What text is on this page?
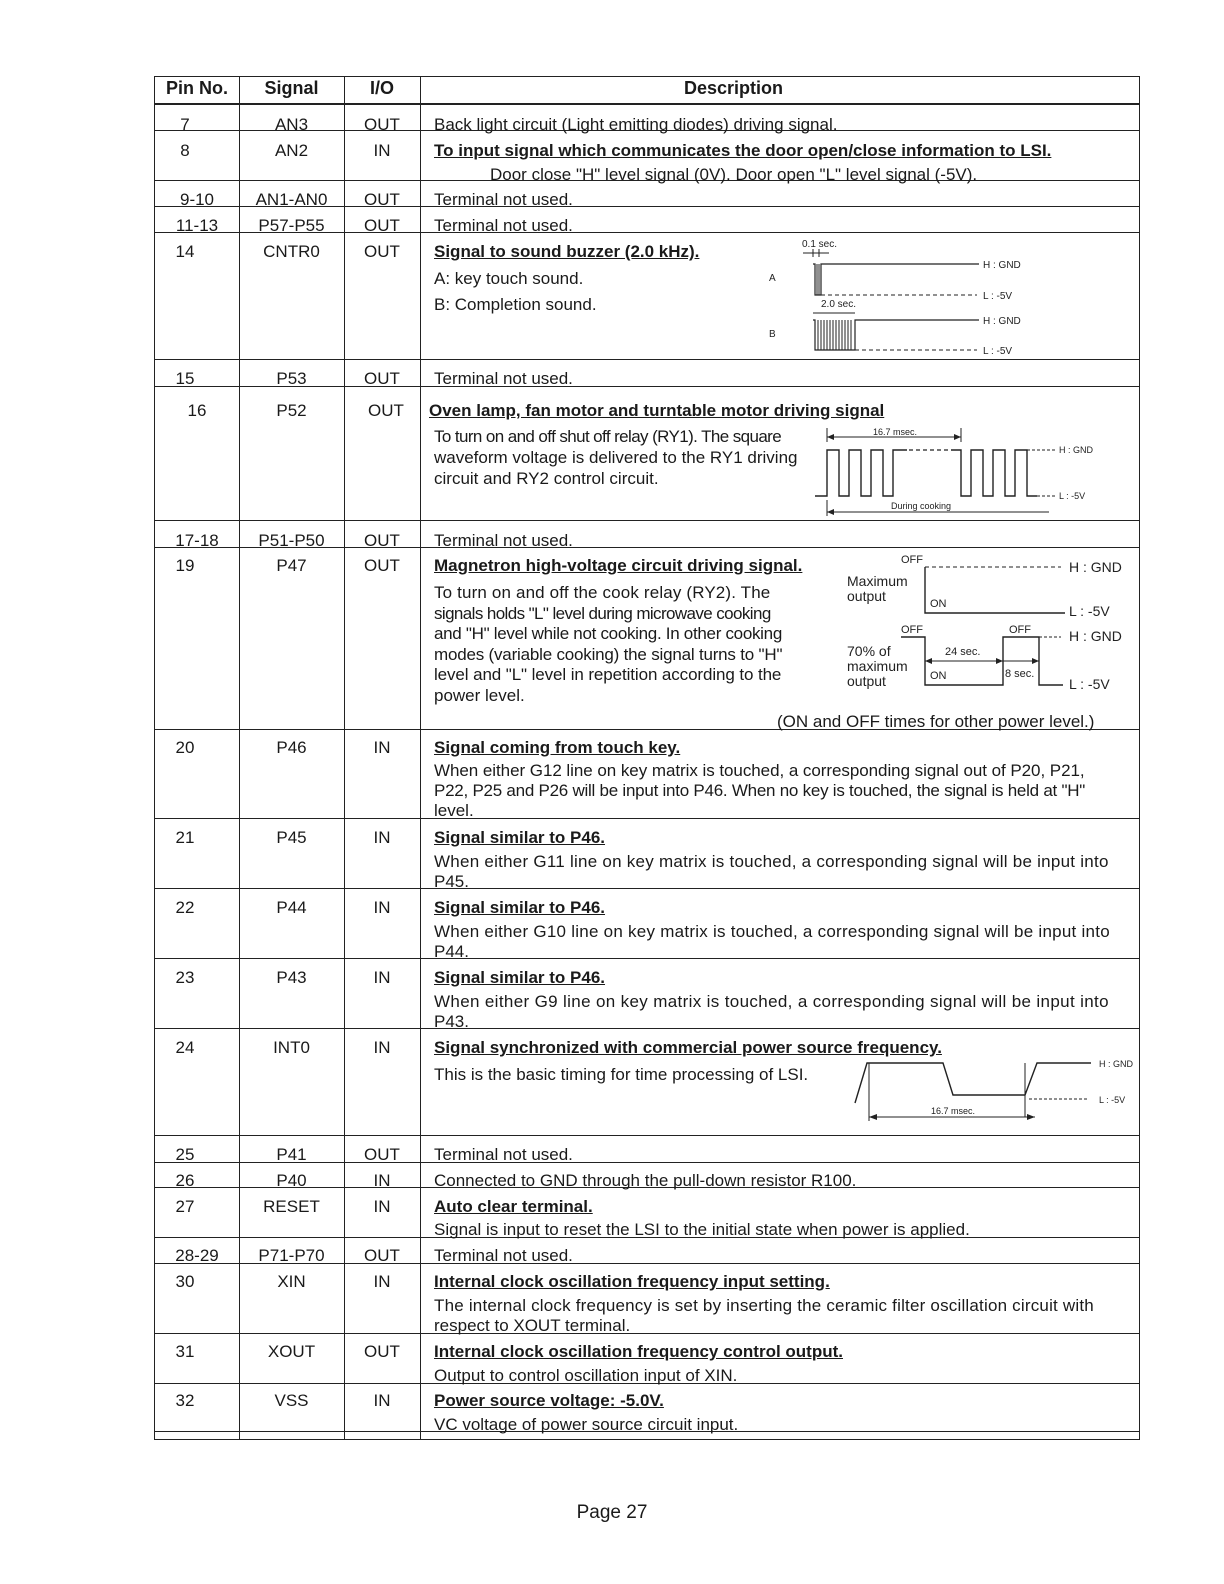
Pin No.	Signal	I/O	Description
7	AN3	OUT	Back light circuit (Light emitting diodes) driving signal.
8	AN2	IN	To input signal which communicates the door open/close information to LSI.
Door close "H" level signal (0V). Door open "L" level signal (-5V).
9-10	AN1-AN0	OUT	Terminal not used.
11-13	P57-P55	OUT	Terminal not used.
14	CNTR0	OUT	Signal to sound buzzer (2.0 kHz).
A: key touch sound.
B: Completion sound.
0.1 sec.
A
H : GND
L : -5V
2.0 sec.
B
H : GND
L : -5V
15	P53	OUT	Terminal not used.
16	P52	OUT	Oven lamp, fan motor and turntable motor driving signal
To turn on and off shut off relay (RY1). The square
waveform voltage is delivered to the RY1 driving
circuit and RY2 control circuit.
16.7 msec.
H : GND
L : -5V
During cooking
17-18	P51-P50	OUT	Terminal not used.
19	P47	OUT	Magnetron high-voltage circuit driving signal.
To turn on and off the cook relay (RY2). The
signals holds "L" level during microwave cooking
and "H" level while not cooking. In other cooking
modes (variable cooking) the signal turns to "H"
level and "L" level in repetition according to the
power level.
(ON and OFF times for other power level.)
OFF
Maximum
output	ON
H : GND
L : -5V
OFF	OFF
70% of
maximum
output
24 sec.
8 sec.
ON
H : GND
L : -5V
20	P46	IN	Signal coming from touch key.
When either G12 line on key matrix is touched, a corresponding signal out of P20, P21,
P22, P25 and P26 will be input into P46. When no key is touched, the signal is held at "H"
level.
21	P45	IN	Signal similar to P46.
When either G11 line on key matrix is touched, a corresponding signal will be input into
P45.
22	P44	IN	Signal similar to P46.
When either G10 line on key matrix is touched, a corresponding signal will be input into
P44.
23	P43	IN	Signal similar to P46.
When either G9 line on key matrix is touched, a corresponding signal will be input into
P43.
24	INT0	IN	Signal synchronized with commercial power source frequency.
This is the basic timing for time processing of LSI.
H : GND
L : -5V
16.7 msec.
25	P41	OUT	Terminal not used.
26	P40	IN	Connected to GND through the pull-down resistor R100.
27	RESET	IN	Auto clear terminal.
Signal is input to reset the LSI to the initial state when power is applied.
28-29	P71-P70	OUT	Terminal not used.
30	XIN	IN	Internal clock oscillation frequency input setting.
The internal clock frequency is set by inserting the ceramic filter oscillation circuit with
respect to XOUT terminal.
31	XOUT	OUT	Internal clock oscillation frequency control output.
Output to control oscillation input of XIN.
32	VSS	IN	Power source voltage: -5.0V.
VC voltage of power source circuit input.
Page 27
